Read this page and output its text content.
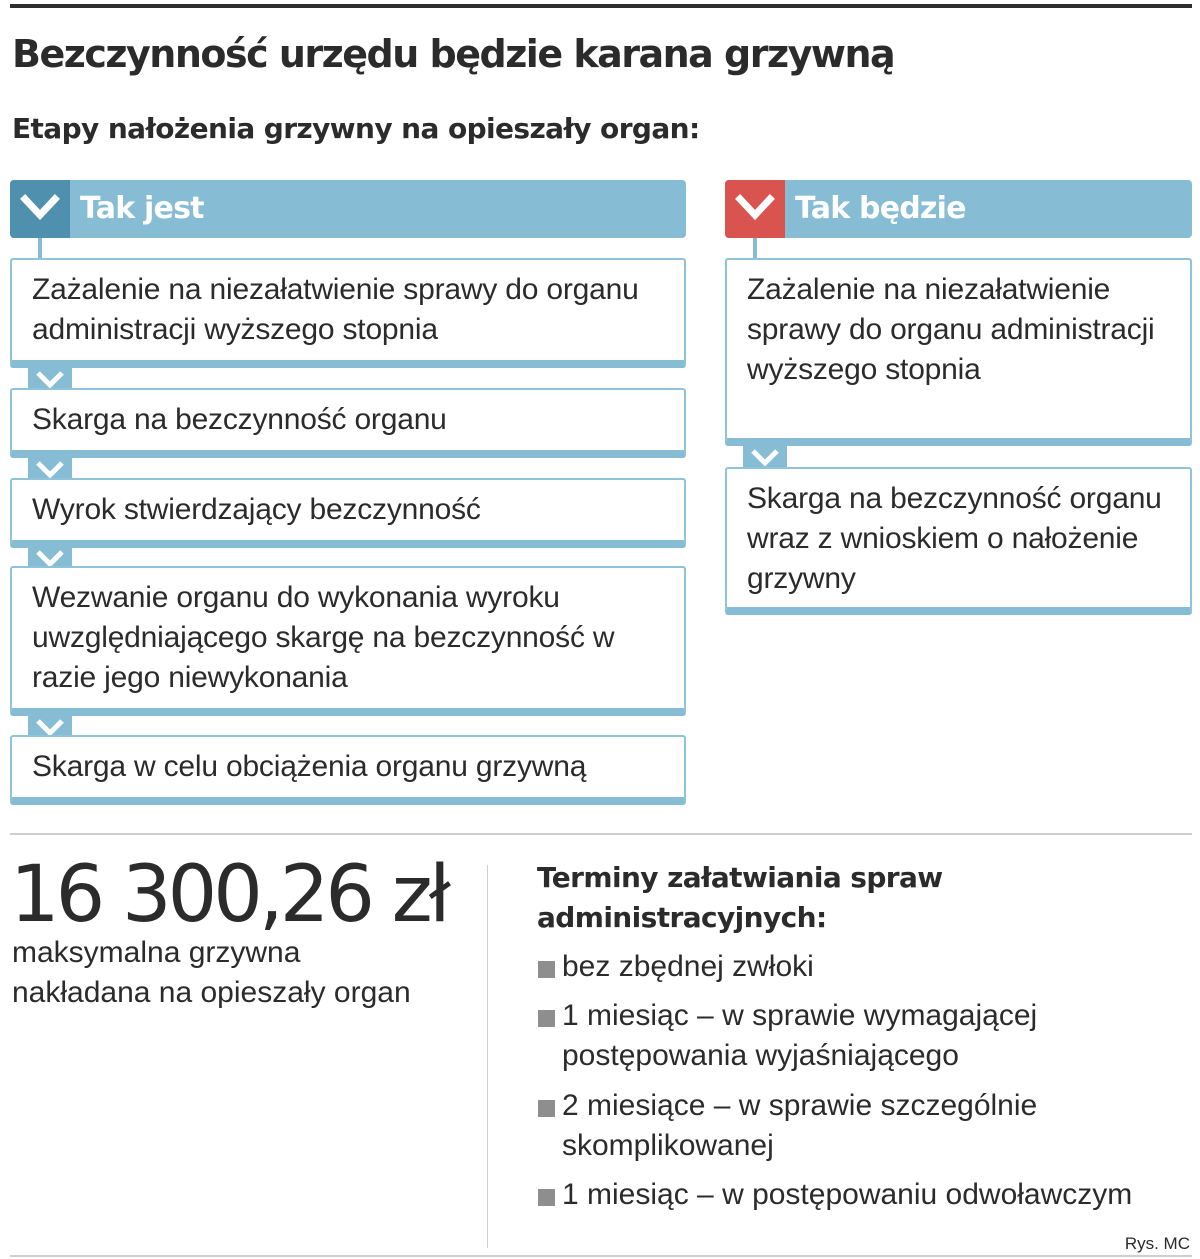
Bezczynność urzędu będzie karana grzywną
Etapy nałożenia grzywny na opieszały organ:
Tak jest
Zażalenie na niezałatwienie sprawy do organu administracji wyższego stopnia
Skarga na bezczynność organu
Wyrok stwierdzający bezczynność
Wezwanie organu do wykonania wyroku uwzględniającego skargę na bezczynność w razie jego niewykonania
Skarga w celu obciążenia organu grzywną
Tak będzie
Zażalenie na niezałatwienie sprawy do organu administracji wyższego stopnia
Skarga na bezczynność organu wraz z wnioskiem o nałożenie grzywny
16 300,26 zł
maksymalna grzywna nakładana na opieszały organ
Terminy załatwiania spraw administracyjnych:
bez zbędnej zwłoki
1 miesiąc – w sprawie wymagającej postępowania wyjaśniającego
2 miesiące – w sprawie szczególnie skomplikowanej
1 miesiąc – w postępowaniu odwoławczym
Rys. MC
